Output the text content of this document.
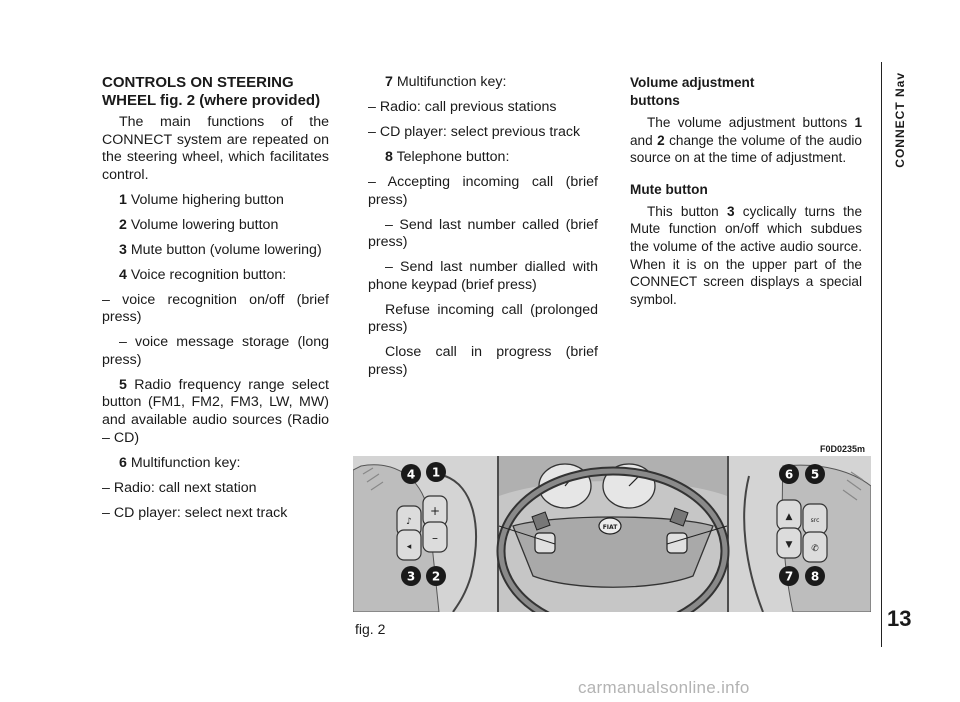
CONTROLS ON STEERING
WHEEL fig. 2 (where provided)

The main functions of the CONNECT system are repeated on the steering wheel, which facilitates control.

1 Volume highering button

2 Volume lowering button

3 Mute button (volume lowering)

4 Voice recognition button:

– voice recognition on/off (brief press)

– voice message storage (long press)

5 Radio frequency range select button (FM1, FM2, FM3, LW, MW) and available audio sources (Radio – CD)

6 Multifunction key:

– Radio: call next station

– CD player: select next track

7 Multifunction key:

– Radio: call previous stations

– CD player: select previous track

8 Telephone button:

– Accepting incoming call (brief press)

– Send last number called (brief press)

– Send last number dialled with phone keypad (brief press)

Refuse incoming call (prolonged press)

Close call in progress (brief press)

Volume adjustment
buttons

The volume adjustment buttons 1 and 2 change the volume of the audio source on at the time of adjustment.

Mute button

This button 3 cyclically turns the Mute function on/off which subdues the volume of the active audio source. When it is on the upper part of the CONNECT screen displays a special symbol.

CONNECT Nav
13
F0D0235m
♪
+
◂
–
FIAT
▲
▼
src
✆
4 1
3 2
6 5
7 8
fig. 2
carmanualsonline.info
